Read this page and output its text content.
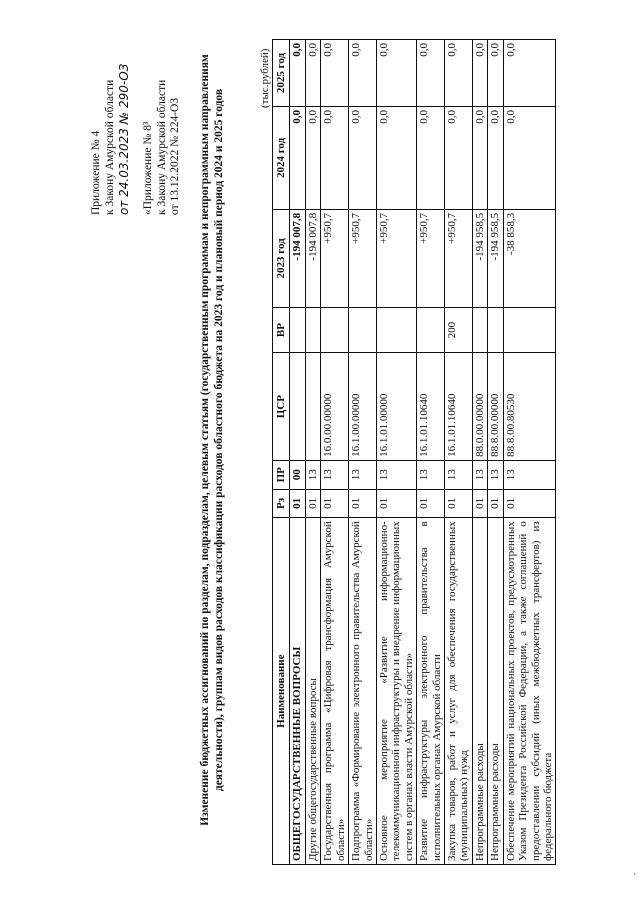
Приложение № 4 к Закону Амурской области от 24.03.2023 № 290-ОЗ «Приложение № 8³ к Закону Амурской области от 13.12.2022 № 224-ОЗ Изменение бюджетных ассигнований по разделам, подразделам, целевым статьям (государственным программам и непрограммным направлениям деятельности), группам видов расходов классификации расходов областного бюджета на 2023 год и плановый период 2024 и 2025 годов
(тыс.рублей)
Наименование	Рз	ПР	ЦСР	ВР	2023 год	2024 год	2025 год
ОБЩЕГОСУДАРСТВЕННЫЕ ВОПРОСЫ	01	00			-194 007,8	0,0	0,0
Другие общегосударственные вопросы	01	13			-194 007,8	0,0	0,0
Государственная программа «Цифровая трансформация Амурской области»	01	13	16.0.00.00000		+950,7	0,0	0,0
Подпрограмма «Формирование электронного правительства Амурской области»	01	13	16.1.00.00000		+950,7	0,0	0,0
Основное мероприятие «Развитие информационно-телекоммуникационной инфраструктуры и внедрение информационных систем в органах власти Амурской области»	01	13	16.1.01.00000		+950,7	0,0	0,0
Развитие инфраструктуры электронного правительства в исполнительных органах Амурской области	01	13	16.1.01.10640		+950,7	0,0	0,0
Закупка товаров, работ и услуг для обеспечения государственных (муниципальных) нужд	01	13	16.1.01.10640	200	+950,7	0,0	0,0
Непрограммные расходы	01	13	88.0.00.00000		-194 958,5	0,0	0,0
Непрограммные расходы	01	13	88.8.00.00000		-194 958,5	0,0	0,0
Обеспечение мероприятий национальных проектов, предусмотренных Указом Президента Российской Федерации, а также соглашений о предоставлении субсидий (иных межбюджетных трансфертов) из федерального бюджета	01	13	88.8.00.80530		-38 858,3	0,0	0,0
.
